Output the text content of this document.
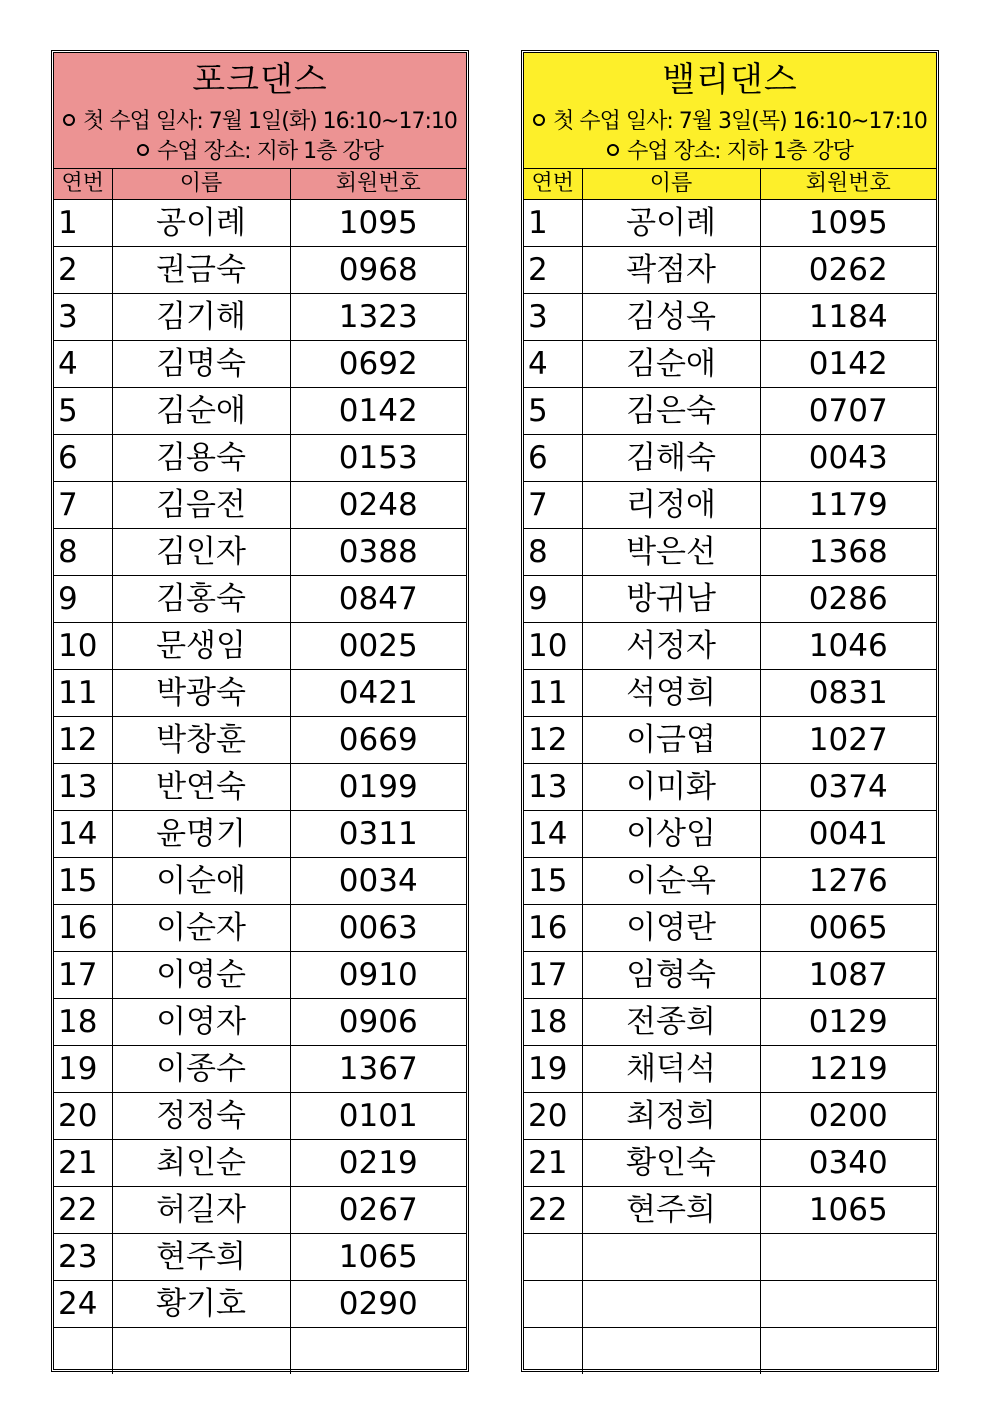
포크댄스
첫 수업 일사: 7월 1일(화) 16:10~17:10
수업 장소: 지하 1층 강당
연번	이름	회원번호
1	공이례	1095
2	권금숙	0968
3	김기해	1323
4	김명숙	0692
5	김순애	0142
6	김용숙	0153
7	김음전	0248
8	김인자	0388
9	김홍숙	0847
10	문생임	0025
11	박광숙	0421
12	박창훈	0669
13	반연숙	0199
14	윤명기	0311
15	이순애	0034
16	이순자	0063
17	이영순	0910
18	이영자	0906
19	이종수	1367
20	정정숙	0101
21	최인순	0219
22	허길자	0267
23	현주희	1065
24	황기호	0290

밸리댄스
첫 수업 일사: 7월 3일(목) 16:10~17:10
수업 장소: 지하 1층 강당
연번	이름	회원번호
1	공이례	1095
2	곽점자	0262
3	김성옥	1184
4	김순애	0142
5	김은숙	0707
6	김해숙	0043
7	리정애	1179
8	박은선	1368
9	방귀남	0286
10	서정자	1046
11	석영희	0831
12	이금엽	1027
13	이미화	0374
14	이상임	0041
15	이순옥	1276
16	이영란	0065
17	임형숙	1087
18	전종희	0129
19	채덕석	1219
20	최정희	0200
21	황인숙	0340
22	현주희	1065
